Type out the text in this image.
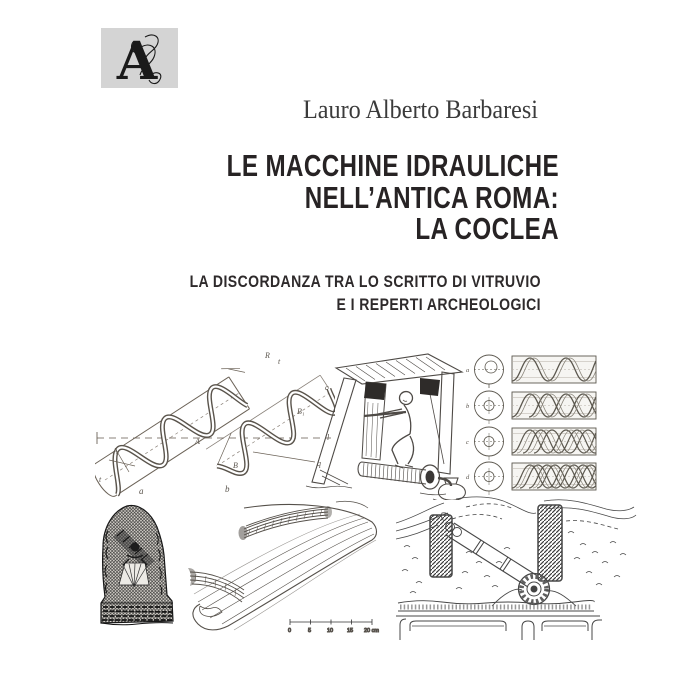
A
Lauro Alberto Barbaresi
LE MACCHINE IDRAULICHE
NELL’ANTICA ROMA:
LA COCLEA
LA DISCORDANZA TRA LO SCRITTO DI VITRUVIO
E I REPERTI ARCHEOLOGICI
a	b
t
R
t
A
A
B
B₁
q
c
l
a
b
c
d
0	5	10	15 20 cm
